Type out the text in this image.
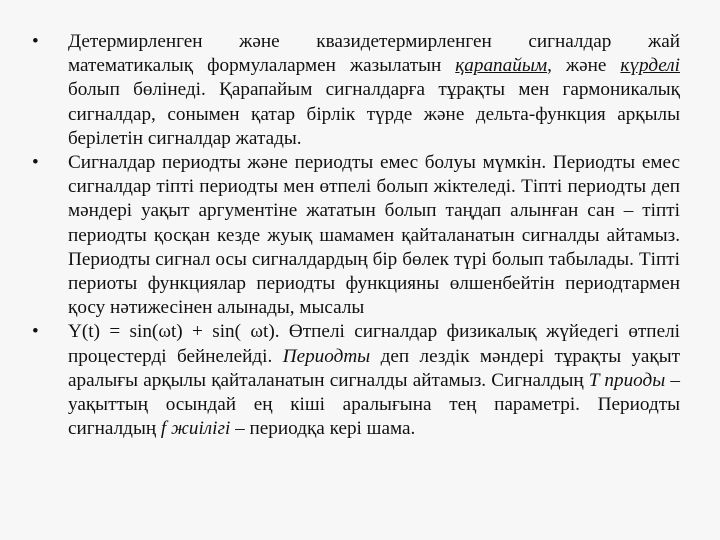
• Детермирленген және квазидетермирленген сигналдар жай математикалық формулалармен жазылатын қарапайым, және күрделі болып бөлінеді. Қарапайым сигналдарға тұрақты мен гармоникалық сигналдар, сонымен қатар бірлік түрде және дельта-функция арқылы берілетін сигналдар жатады.
• Сигналдар периодты және периодты емес болуы мүмкін. Периодты емес сигналдар тіпті периодты мен өтпелі болып жіктеледі. Тіпті периодты деп мәндері уақыт аргументіне жататын болып таңдап алынған сан – тіпті периодты қосқан кезде жуық шамамен қайталанатын сигналды айтамыз. Периодты сигнал осы сигналдардың бір бөлек түрі болып табылады. Тіпті периоты функциялар периодты функцияны өлшенбейтін периодтармен қосу нәтижесінен алынады, мысалы
• Y(t) = sin(ωt) + sin( ωt). Өтпелі сигналдар физикалық жүйедегі өтпелі процестерді бейнелейді. Периодты деп лездік мәндері тұрақты уақыт аралығы арқылы қайталанатын сигналды айтамыз. Сигналдың T приоды – уақыттың осындай ең кіші аралығына тең параметрі. Периодты сигналдың f жиілігі – периодқа кері шама.
